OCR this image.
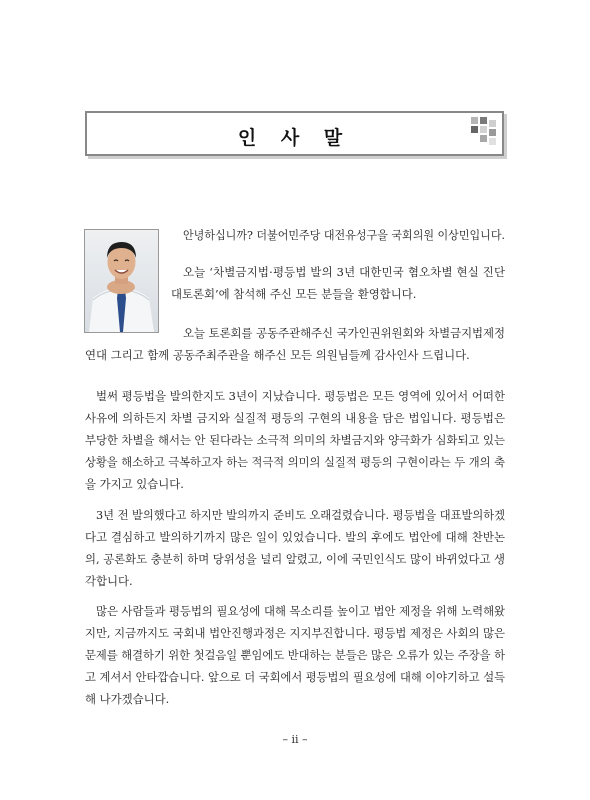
인 사 말

안녕하십니까? 더불어민주당 대전유성구을 국회의원 이상민입니다.

오늘 ‘차별금지법·평등법 발의 3년 대한민국 혐오차별 현실 진단
대토론회’에 참석해 주신 모든 분들을 환영합니다.

오늘 토론회를 공동주관해주신 국가인권위원회와 차별금지법제정
연대 그리고 함께 공동주최주관을 해주신 모든 의원님들께 감사인사 드립니다.

벌써 평등법을 발의한지도 3년이 지났습니다. 평등법은 모든 영역에 있어서 어떠한
사유에 의하든지 차별 금지와 실질적 평등의 구현의 내용을 담은 법입니다. 평등법은
부당한 차별을 해서는 안 된다라는 소극적 의미의 차별금지와 양극화가 심화되고 있는
상황을 해소하고 극복하고자 하는 적극적 의미의 실질적 평등의 구현이라는 두 개의 축
을 가지고 있습니다.

3년 전 발의했다고 하지만 발의까지 준비도 오래걸렸습니다. 평등법을 대표발의하겠
다고 결심하고 발의하기까지 많은 일이 있었습니다. 발의 후에도 법안에 대해 찬반논
의, 공론화도 충분히 하며 당위성을 널리 알렸고, 이에 국민인식도 많이 바뀌었다고 생
각합니다.

많은 사람들과 평등법의 필요성에 대해 목소리를 높이고 법안 제정을 위해 노력해왔
지만, 지금까지도 국회내 법안진행과정은 지지부진합니다. 평등법 제정은 사회의 많은
문제를 해결하기 위한 첫걸음일 뿐임에도 반대하는 분들은 많은 오류가 있는 주장을 하
고 계셔서 안타깝습니다. 앞으로 더 국회에서 평등법의 필요성에 대해 이야기하고 설득
해 나가겠습니다.

– ii –
